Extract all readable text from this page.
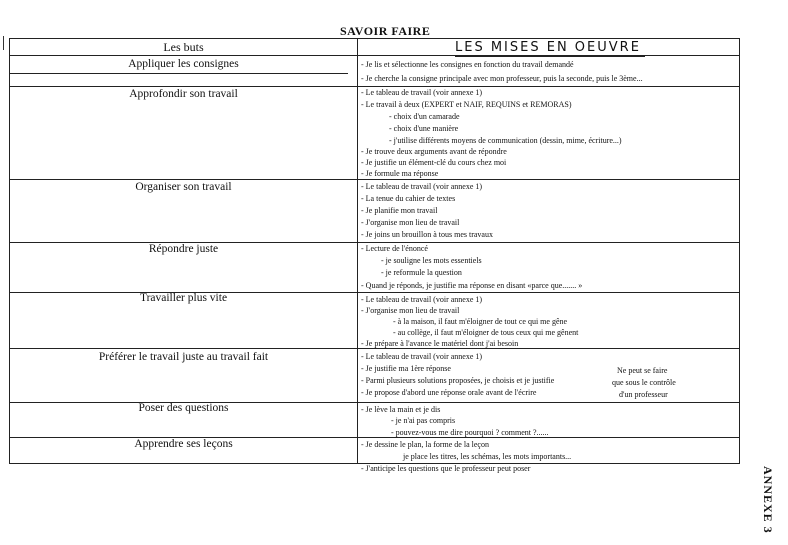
SAVOIR FAIRE
Les buts	LES MISES EN OEUVRE
Appliquer les consignes
Approfondir son travail
Organiser son travail
Répondre juste
Travailler plus vite
Préférer le travail juste au travail fait
Poser des questions
Apprendre ses leçons
- Je lis et sélectionne les consignes en fonction du travail demandé
- Je cherche la consigne principale avec mon professeur, puis la seconde, puis le 3ème...
- Le tableau de travail (voir annexe 1)
- Le travail à deux (EXPERT et NAIF, REQUINS et REMORAS)
- choix d'un camarade
- choix d'une manière
- j'utilise différents moyens de communication (dessin, mime, écriture...)
- Je trouve deux arguments avant de répondre
- Je justifie un élément-clé du cours chez moi
- Je formule ma réponse
- Le tableau de travail (voir annexe 1)
- La tenue du cahier de textes
- Je planifie mon travail
- J'organise mon lieu de travail
- Je joins un brouillon à tous mes travaux
- Lecture de l'énoncé
- je souligne les mots essentiels
- je reformule la question
- Quand je réponds, je justifie ma réponse en disant «parce que....... »
- Le tableau de travail (voir annexe 1)
- J'organise mon lieu de travail
- à la maison, il faut m'éloigner de tout ce qui me gêne
- au collège, il faut m'éloigner de tous ceux qui me gênent
- Je prépare à l'avance le matériel dont j'ai besoin
- Le tableau de travail (voir annexe 1)
- Je justifie ma 1ère réponse
- Parmi plusieurs solutions proposées, je choisis et je justifie
- Je propose d'abord une réponse orale avant de l'écrire
Ne peut se faire
que sous le contrôle
d'un professeur
- Je lève la main et je dis
- je n'ai pas compris
- pouvez-vous me dire pourquoi ? comment ?......
- Je dessine le plan, la forme de la leçon
je place les titres, les schémas, les mots importants...
- J'anticipe les questions que le professeur peut poser	ANNEXE 3
